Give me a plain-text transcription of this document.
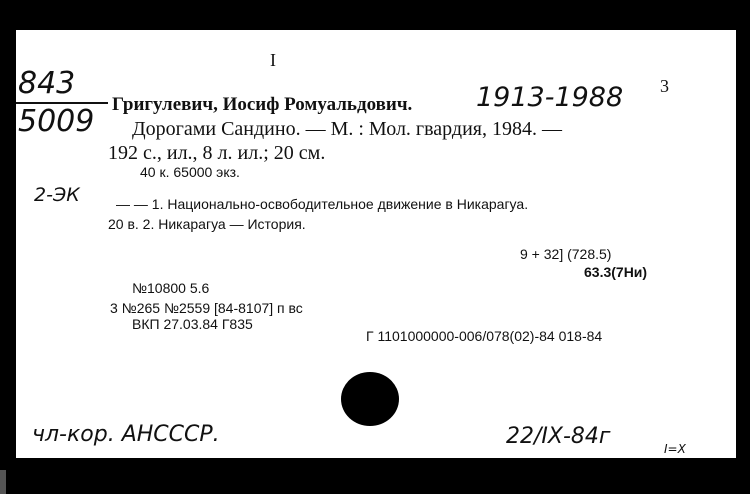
I
3
843
5009 Григулевич, Иосиф Ромуальдович. 1913-1988
Дорогами Сандино. — М. : Мол. гвардия, 1984. —
192 с., ил., 8 л. ил.; 20 см.
40 к. 65000 экз.
2-ЭК	— — 1. Национально-освободительное движение в Никарагуа.
20 в. 2. Никарагуа — История.
9 + 32] (728.5)
63.3(7Ни)
№10800 5.6
3 №265 №2559 [84-8107] п вс
ВКП 27.03.84 Г835
Г 1101000000-006/078(02)-84 018-84
чл-кор. АНСССР.	22/IХ-84г	I=X
